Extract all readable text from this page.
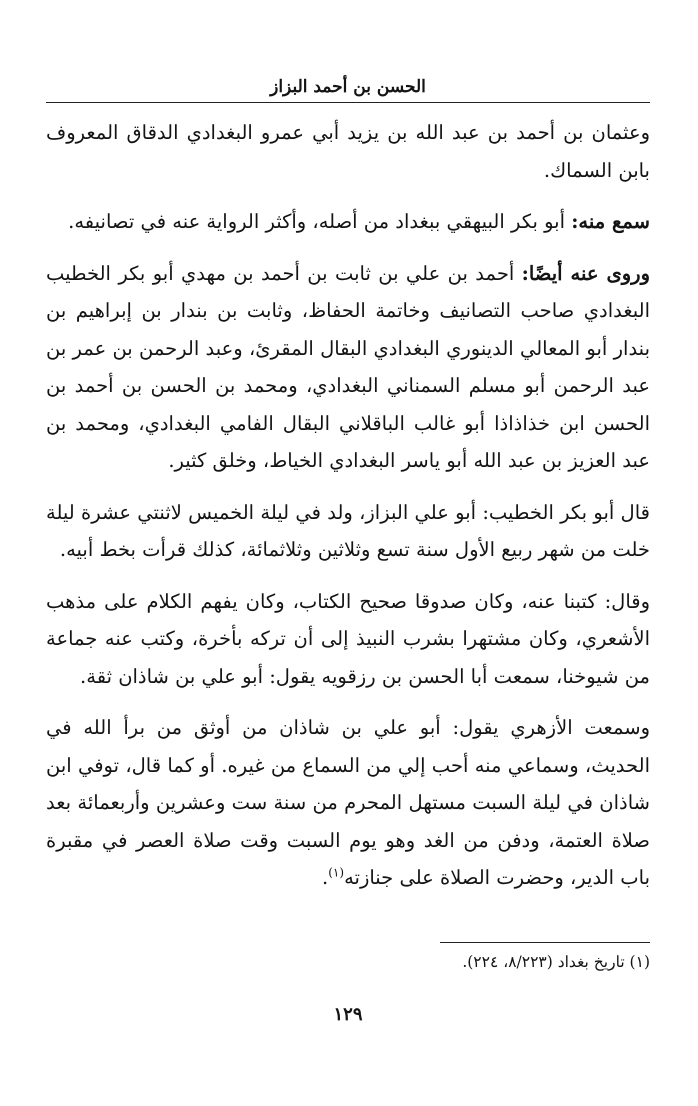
الحسن بن أحمد البزاز

وعثمان بن أحمد بن عبد الله بن يزيد أبي عمرو البغدادي الدقاق المعروف بابن السماك.

سمع منه: أبو بكر البيهقي ببغداد من أصله، وأكثر الرواية عنه في تصانيفه.

وروى عنه أيضًا: أحمد بن علي بن ثابت بن أحمد بن مهدي أبو بكر الخطيب البغدادي صاحب التصانيف وخاتمة الحفاظ، وثابت بن بندار بن إبراهيم بن بندار أبو المعالي الدينوري البغدادي البقال المقرئ، وعبد الرحمن بن عمر بن عبد الرحمن أبو مسلم السمناني البغدادي، ومحمد بن الحسن بن أحمد بن الحسن ابن خذاذاذا أبو غالب الباقلاني البقال الفامي البغدادي، ومحمد بن عبد العزيز بن عبد الله أبو ياسر البغدادي الخياط، وخلق كثير.

قال أبو بكر الخطيب: أبو علي البزاز، ولد في ليلة الخميس لاثنتي عشرة ليلة خلت من شهر ربيع الأول سنة تسع وثلاثين وثلاثمائة، كذلك قرأت بخط أبيه.

وقال: كتبنا عنه، وكان صدوقا صحيح الكتاب، وكان يفهم الكلام على مذهب الأشعري، وكان مشتهرا بشرب النبيذ إلى أن تركه بأخرة، وكتب عنه جماعة من شيوخنا، سمعت أبا الحسن بن رزقويه يقول: أبو علي بن شاذان ثقة.

وسمعت الأزهري يقول: أبو علي بن شاذان من أوثق من برأ الله في الحديث، وسماعي منه أحب إلي من السماع من غيره. أو كما قال، توفي ابن شاذان في ليلة السبت مستهل المحرم من سنة ست وعشرين وأربعمائة بعد صلاة العتمة، ودفن من الغد وهو يوم السبت وقت صلاة العصر في مقبرة باب الدير، وحضرت الصلاة على جنازته$^{(١)}$.

(١) تاريخ بغداد (٨/٢٢٣، ٢٢٤).
١٢٩
